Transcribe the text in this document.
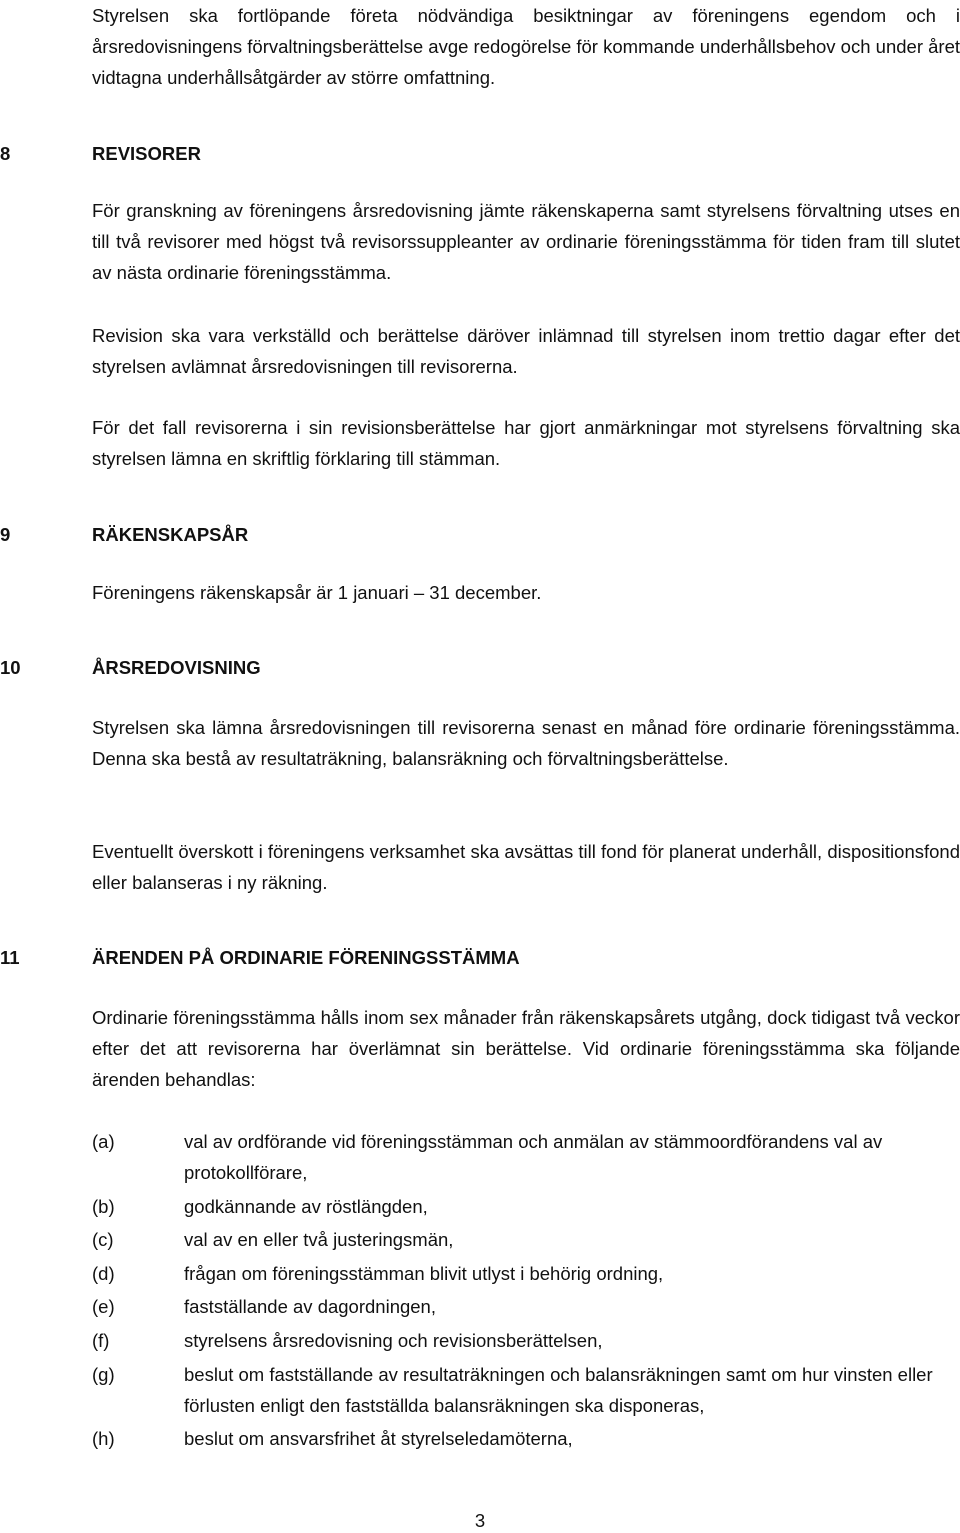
Styrelsen ska fortlöpande företa nödvändiga besiktningar av föreningens egendom och i årsredovisningens förvaltningsberättelse avge redogörelse för kommande underhållsbehov och under året vidtagna underhållsåtgärder av större omfattning.

8	REVISORER

För granskning av föreningens årsredovisning jämte räkenskaperna samt styrelsens förvaltning utses en till två revisorer med högst två revisorssuppleanter av ordinarie föreningsstämma för tiden fram till slutet av nästa ordinarie föreningsstämma.

Revision ska vara verkställd och berättelse däröver inlämnad till styrelsen inom trettio dagar efter det styrelsen avlämnat årsredovisningen till revisorerna.

För det fall revisorerna i sin revisionsberättelse har gjort anmärkningar mot styrelsens förvaltning ska styrelsen lämna en skriftlig förklaring till stämman.

9	RÄKENSKAPSÅR

Föreningens räkenskapsår är 1 januari – 31 december.

10	ÅRSREDOVISNING

Styrelsen ska lämna årsredovisningen till revisorerna senast en månad före ordinarie föreningsstämma. Denna ska bestå av resultaträkning, balansräkning och förvaltningsberättelse.

Eventuellt överskott i föreningens verksamhet ska avsättas till fond för planerat underhåll, dispositionsfond eller balanseras i ny räkning.

11	ÄRENDEN PÅ ORDINARIE FÖRENINGSSTÄMMA

Ordinarie föreningsstämma hålls inom sex månader från räkenskapsårets utgång, dock tidigast två veckor efter det att revisorerna har överlämnat sin berättelse. Vid ordinarie föreningsstämma ska följande ärenden behandlas:

(a)	val av ordförande vid föreningsstämman och anmälan av stämmoordförandens val av protokollförare,
(b)	godkännande av röstlängden,
(c)	val av en eller två justeringsmän,
(d)	frågan om föreningsstämman blivit utlyst i behörig ordning,
(e)	fastställande av dagordningen,
(f)	styrelsens årsredovisning och revisionsberättelsen,
(g)	beslut om fastställande av resultaträkningen och balansräkningen samt om hur vinsten eller förlusten enligt den fastställda balansräkningen ska disponeras,
(h)	beslut om ansvarsfrihet åt styrelseledamöterna,
3
